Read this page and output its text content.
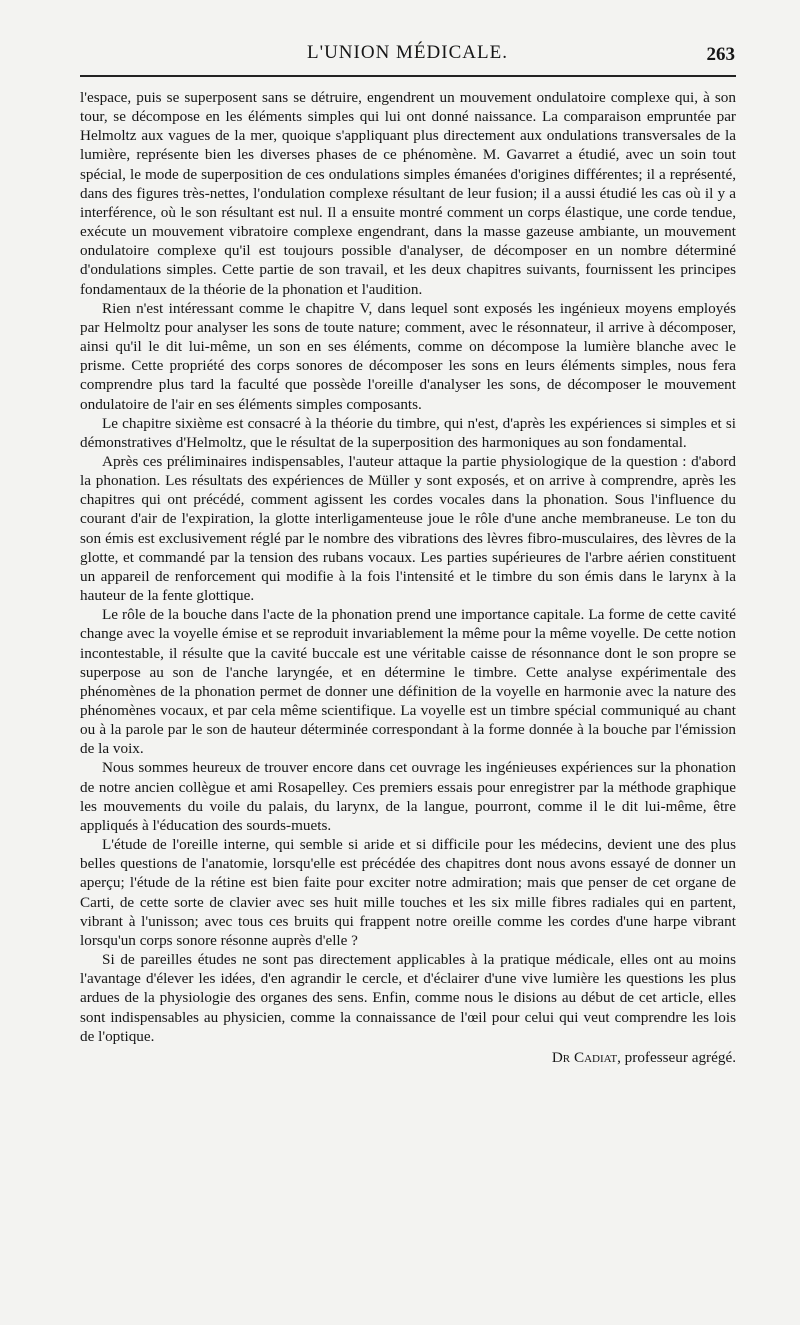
L'UNION MÉDICALE.	263

l'espace, puis se superposent sans se détruire, engendrent un mouvement ondulatoire complexe qui, à son tour, se décompose en les éléments simples qui lui ont donné naissance. La comparaison empruntée par Helmoltz aux vagues de la mer, quoique s'appliquant plus directement aux ondulations transversales de la lumière, représente bien les diverses phases de ce phénomène. M. Gavarret a étudié, avec un soin tout spécial, le mode de superposition de ces ondulations simples émanées d'origines différentes; il a représenté, dans des figures très-nettes, l'ondulation complexe résultant de leur fusion; il a aussi étudié les cas où il y a interférence, où le son résultant est nul. Il a ensuite montré comment un corps élastique, une corde tendue, exécute un mouvement vibratoire complexe engendrant, dans la masse gazeuse ambiante, un mouvement ondulatoire complexe qu'il est toujours possible d'analyser, de décomposer en un nombre déterminé d'ondulations simples. Cette partie de son travail, et les deux chapitres suivants, fournissent les principes fondamentaux de la théorie de la phonation et l'audition.

Rien n'est intéressant comme le chapitre V, dans lequel sont exposés les ingénieux moyens employés par Helmoltz pour analyser les sons de toute nature; comment, avec le résonnateur, il arrive à décomposer, ainsi qu'il le dit lui-même, un son en ses éléments, comme on décompose la lumière blanche avec le prisme. Cette propriété des corps sonores de décomposer les sons en leurs éléments simples, nous fera comprendre plus tard la faculté que possède l'oreille d'analyser les sons, de décomposer le mouvement ondulatoire de l'air en ses éléments simples composants.

Le chapitre sixième est consacré à la théorie du timbre, qui n'est, d'après les expériences si simples et si démonstratives d'Helmoltz, que le résultat de la superposition des harmoniques au son fondamental.

Après ces préliminaires indispensables, l'auteur attaque la partie physiologique de la question : d'abord la phonation. Les résultats des expériences de Müller y sont exposés, et on arrive à comprendre, après les chapitres qui ont précédé, comment agissent les cordes vocales dans la phonation. Sous l'influence du courant d'air de l'expiration, la glotte interligamenteuse joue le rôle d'une anche membraneuse. Le ton du son émis est exclusivement réglé par le nombre des vibrations des lèvres fibro-musculaires, des lèvres de la glotte, et commandé par la tension des rubans vocaux. Les parties supérieures de l'arbre aérien constituent un appareil de renforcement qui modifie à la fois l'intensité et le timbre du son émis dans le larynx à la hauteur de la fente glottique.

Le rôle de la bouche dans l'acte de la phonation prend une importance capitale. La forme de cette cavité change avec la voyelle émise et se reproduit invariablement la même pour la même voyelle. De cette notion incontestable, il résulte que la cavité buccale est une véritable caisse de résonnance dont le son propre se superpose au son de l'anche laryngée, et en détermine le timbre. Cette analyse expérimentale des phénomènes de la phonation permet de donner une définition de la voyelle en harmonie avec la nature des phénomènes vocaux, et par cela même scientifique. La voyelle est un timbre spécial communiqué au chant ou à la parole par le son de hauteur déterminée correspondant à la forme donnée à la bouche par l'émission de la voix.

Nous sommes heureux de trouver encore dans cet ouvrage les ingénieuses expériences sur la phonation de notre ancien collègue et ami Rosapelley. Ces premiers essais pour enregistrer par la méthode graphique les mouvements du voile du palais, du larynx, de la langue, pourront, comme il le dit lui-même, être appliqués à l'éducation des sourds-muets.

L'étude de l'oreille interne, qui semble si aride et si difficile pour les médecins, devient une des plus belles questions de l'anatomie, lorsqu'elle est précédée des chapitres dont nous avons essayé de donner un aperçu; l'étude de la rétine est bien faite pour exciter notre admiration; mais que penser de cet organe de Carti, de cette sorte de clavier avec ses huit mille touches et les six mille fibres radiales qui en partent, vibrant à l'unisson; avec tous ces bruits qui frappent notre oreille comme les cordes d'une harpe vibrant lorsqu'un corps sonore résonne auprès d'elle ?

Si de pareilles études ne sont pas directement applicables à la pratique médicale, elles ont au moins l'avantage d'élever les idées, d'en agrandir le cercle, et d'éclairer d'une vive lumière les questions les plus ardues de la physiologie des organes des sens. Enfin, comme nous le disions au début de cet article, elles sont indispensables au physicien, comme la connaissance de l'œil pour celui qui veut comprendre les lois de l'optique.

Dr Cadiat, professeur agrégé.
